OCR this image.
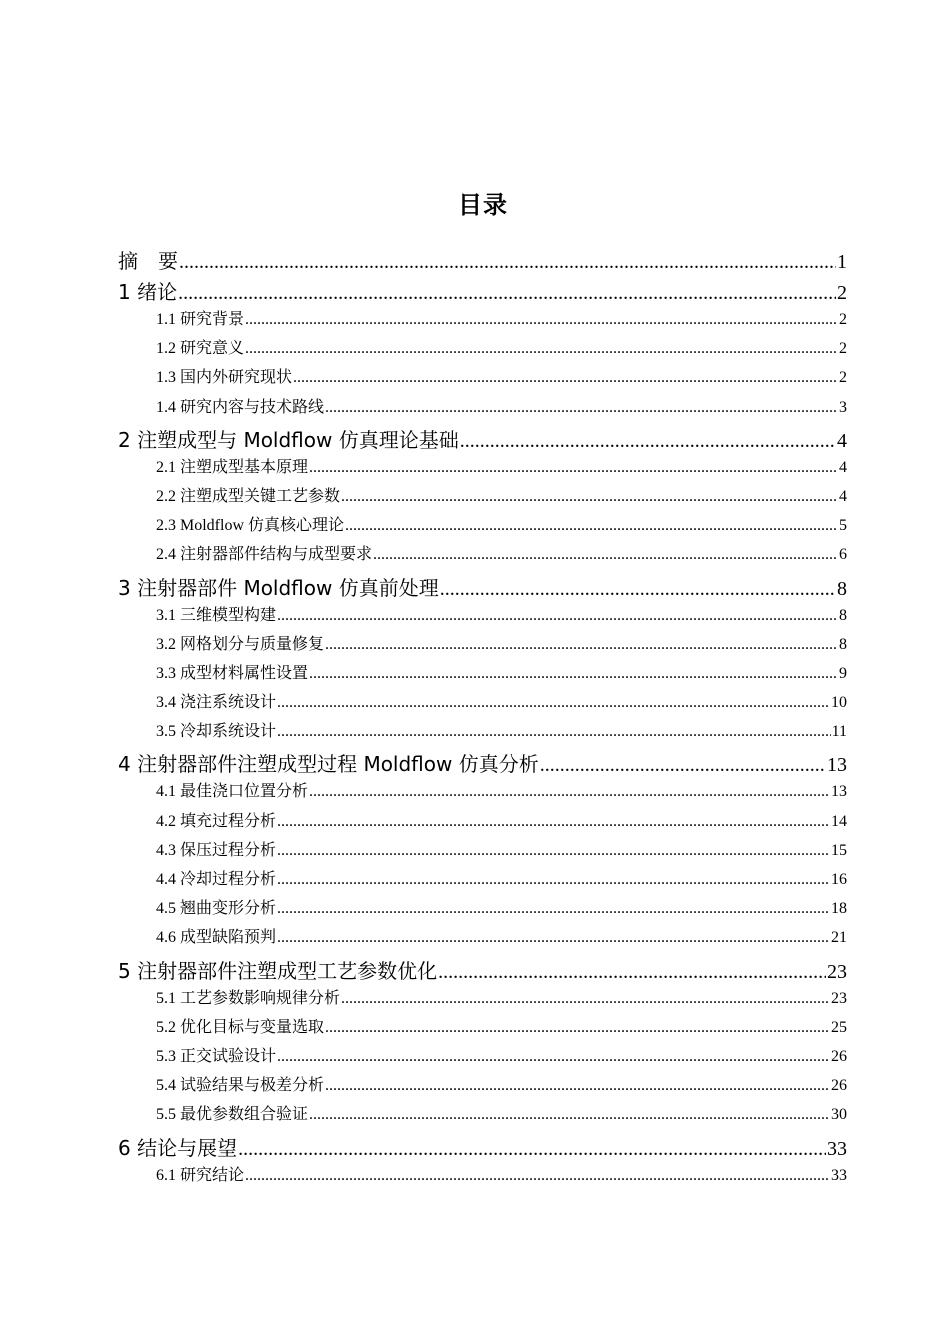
目录
摘　要 .....	1
1 绪论 .....	2
1.1 研究背景 .....	2
1.2 研究意义 .....	2
1.3 国内外研究现状 .....	2
1.4 研究内容与技术路线 .....	3
2 注塑成型与 Moldflow 仿真理论基础 .....	4
2.1 注塑成型基本原理 .....	4
2.2 注塑成型关键工艺参数 .....	4
2.3 Moldflow 仿真核心理论 .....	5
2.4 注射器部件结构与成型要求 .....	6
3 注射器部件 Moldflow 仿真前处理 .....	8
3.1 三维模型构建 .....	8
3.2 网格划分与质量修复 .....	8
3.3 成型材料属性设置 .....	9
3.4 浇注系统设计 .....	10
3.5 冷却系统设计 .....	11
4 注射器部件注塑成型过程 Moldflow 仿真分析 .....	13
4.1 最佳浇口位置分析 .....	13
4.2 填充过程分析 .....	14
4.3 保压过程分析 .....	15
4.4 冷却过程分析 .....	16
4.5 翘曲变形分析 .....	18
4.6 成型缺陷预判 .....	21
5 注射器部件注塑成型工艺参数优化 .....	23
5.1 工艺参数影响规律分析 .....	23
5.2 优化目标与变量选取 .....	25
5.3 正交试验设计 .....	26
5.4 试验结果与极差分析 .....	26
5.5 最优参数组合验证 .....	30
6 结论与展望 .....	33
6.1 研究结论 .....	33
